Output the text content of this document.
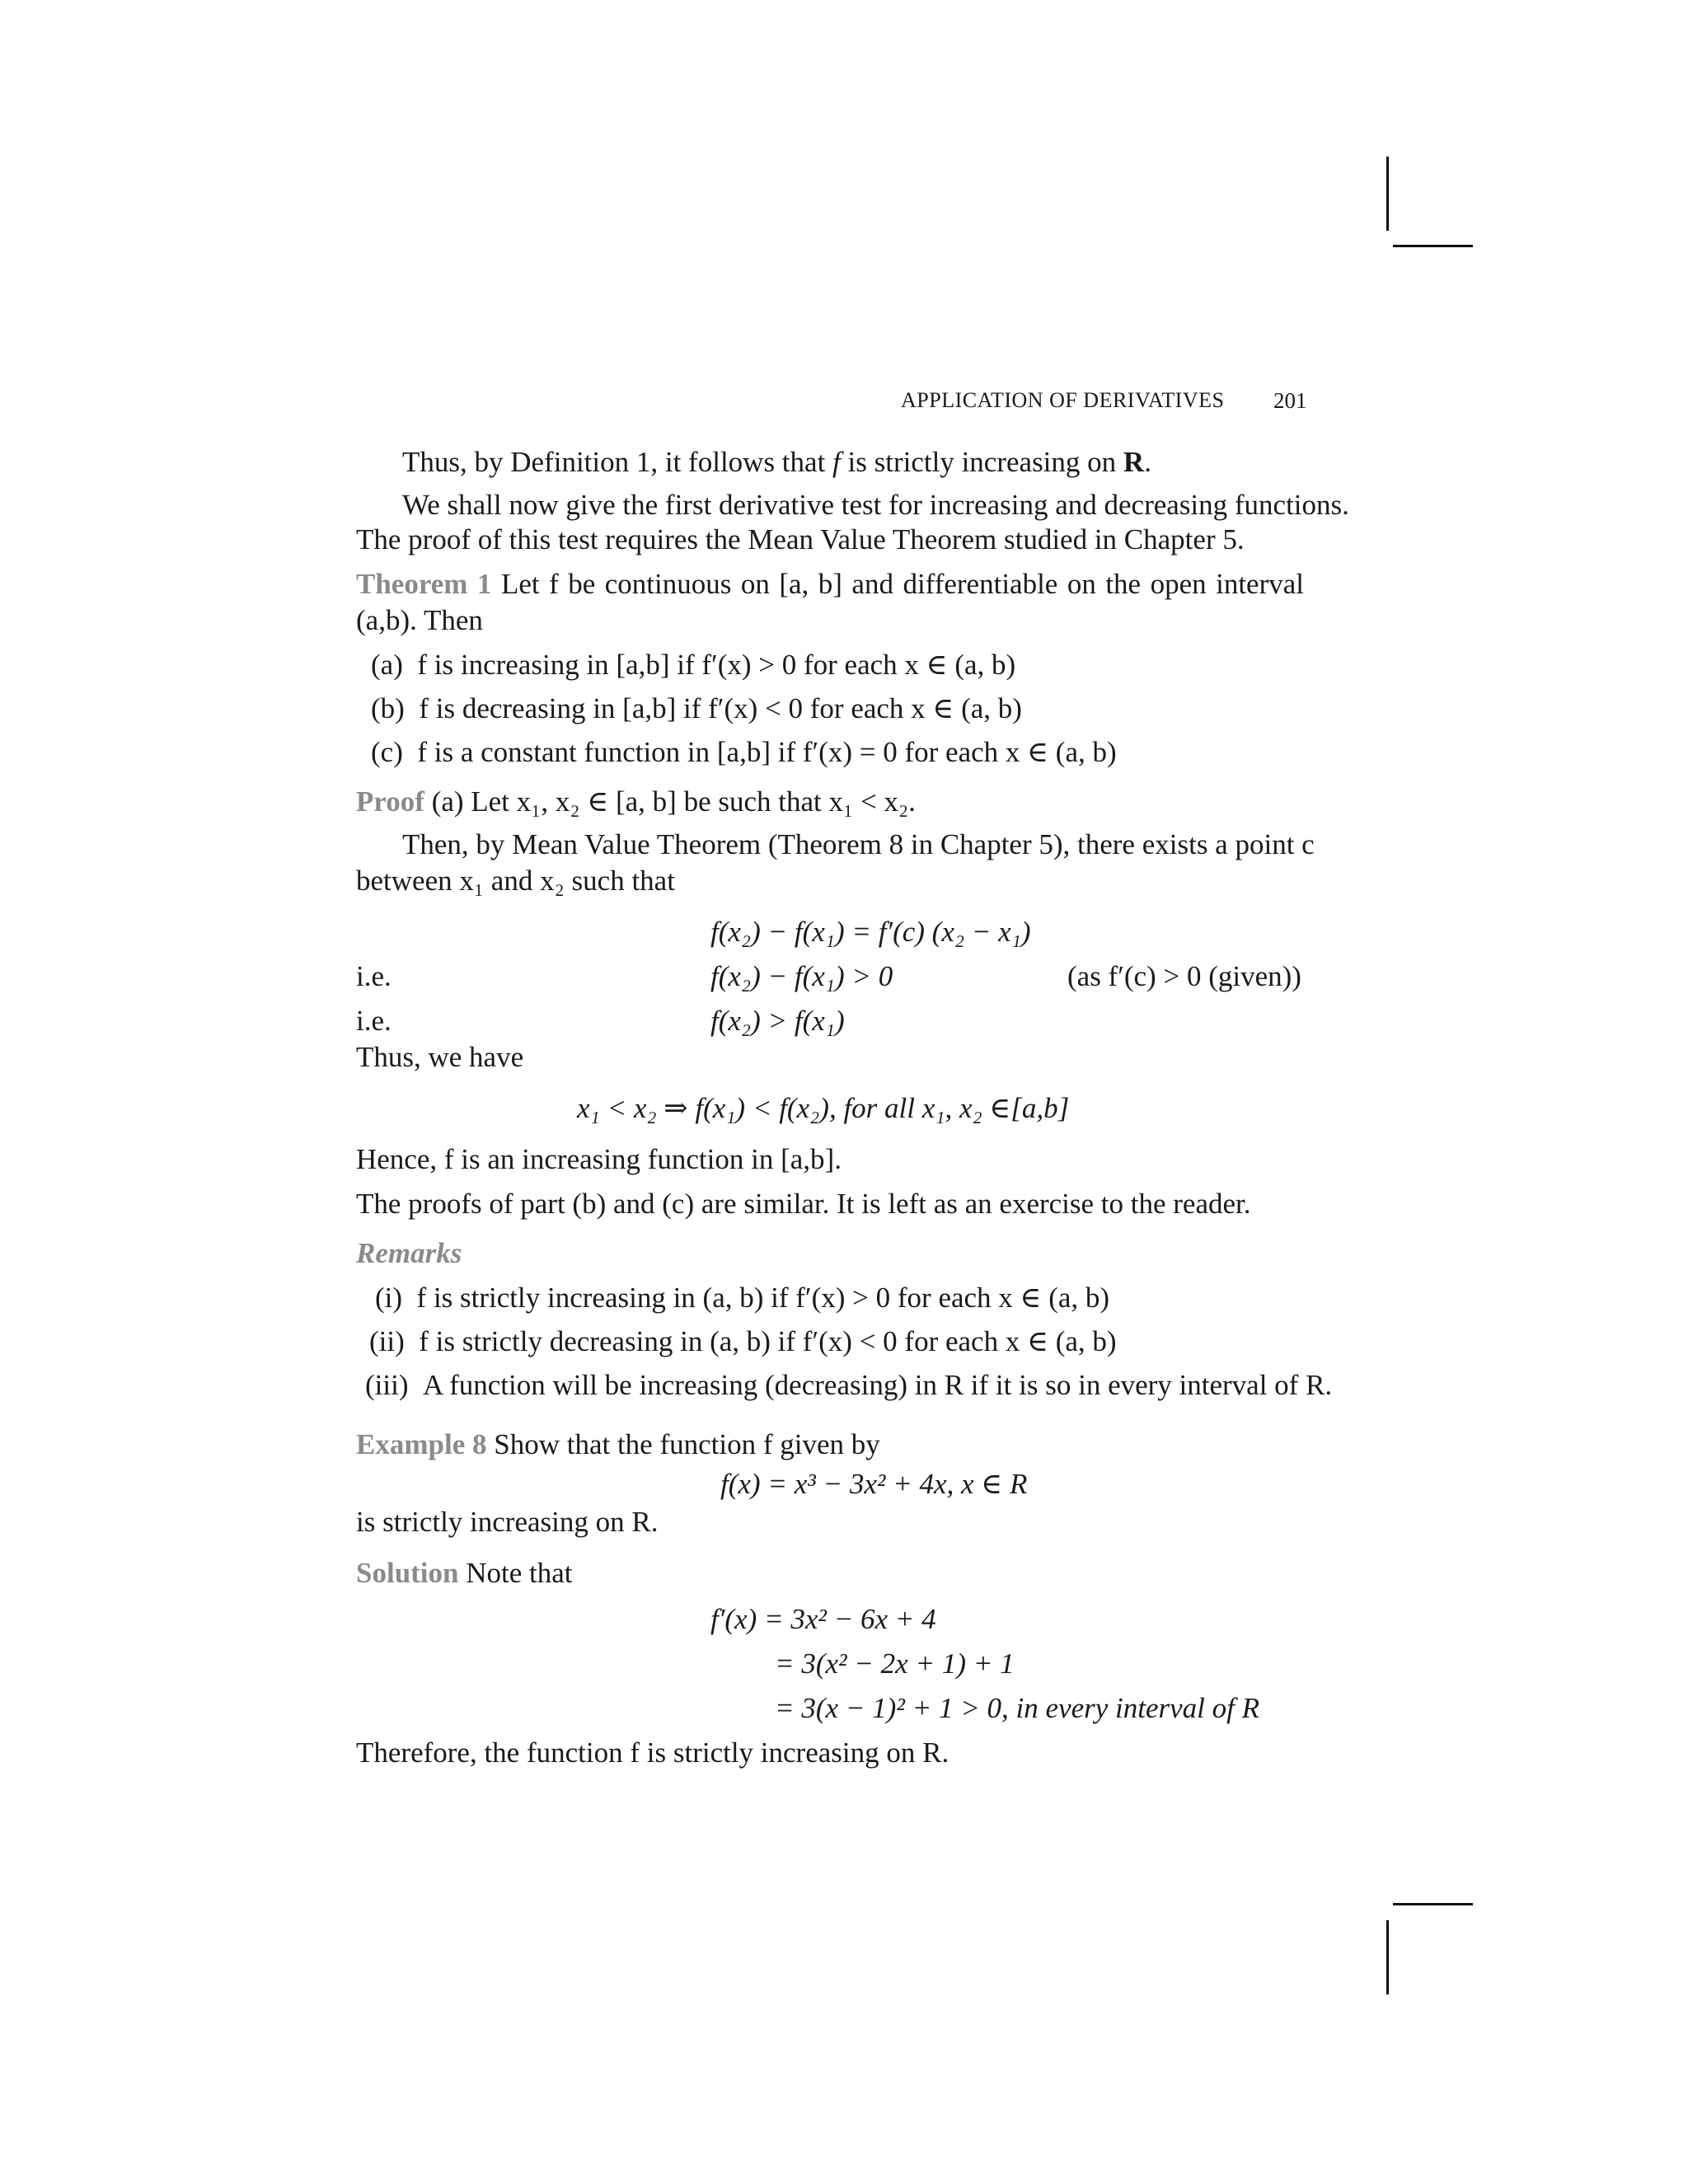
APPLICATION OF DERIVATIVES 201
Thus, by Definition 1, it follows that f is strictly increasing on R.
We shall now give the first derivative test for increasing and decreasing functions.
The proof of this test requires the Mean Value Theorem studied in Chapter 5.
Theorem 1 Let f be continuous on [a, b] and differentiable on the open interval
(a,b). Then
(a) f is increasing in [a,b] if f′(x) > 0 for each x ∈ (a, b)
(b) f is decreasing in [a,b] if f′(x) < 0 for each x ∈ (a, b)
(c) f is a constant function in [a,b] if f′(x) = 0 for each x ∈ (a, b)
Proof (a) Let x₁, x₂ ∈ [a, b] be such that x₁ < x₂.
Then, by Mean Value Theorem (Theorem 8 in Chapter 5), there exists a point c
between x₁ and x₂ such that
f(x₂) − f(x₁) = f′(c) (x₂ − x₁)
i.e.	f(x₂) − f(x₁) > 0	(as f′(c) > 0 (given))
i.e.	f(x₂) > f(x₁)
Thus, we have
x₁ < x₂ ⇒ f(x₁) < f(x₂), for all x₁, x₂ ∈[a,b]
Hence, f is an increasing function in [a,b].
The proofs of part (b) and (c) are similar. It is left as an exercise to the reader.
Remarks
(i) f is strictly increasing in (a, b) if f′(x) > 0 for each x ∈ (a, b)
(ii) f is strictly decreasing in (a, b) if f′(x) < 0 for each x ∈ (a, b)
(iii) A function will be increasing (decreasing) in R if it is so in every interval of R.
Example 8 Show that the function f given by
f(x) = x³ − 3x² + 4x, x ∈ R
is strictly increasing on R.
Solution Note that
f′(x) = 3x² − 6x + 4
= 3(x² − 2x + 1) + 1
= 3(x − 1)² + 1 > 0, in every interval of R
Therefore, the function f is strictly increasing on R.
